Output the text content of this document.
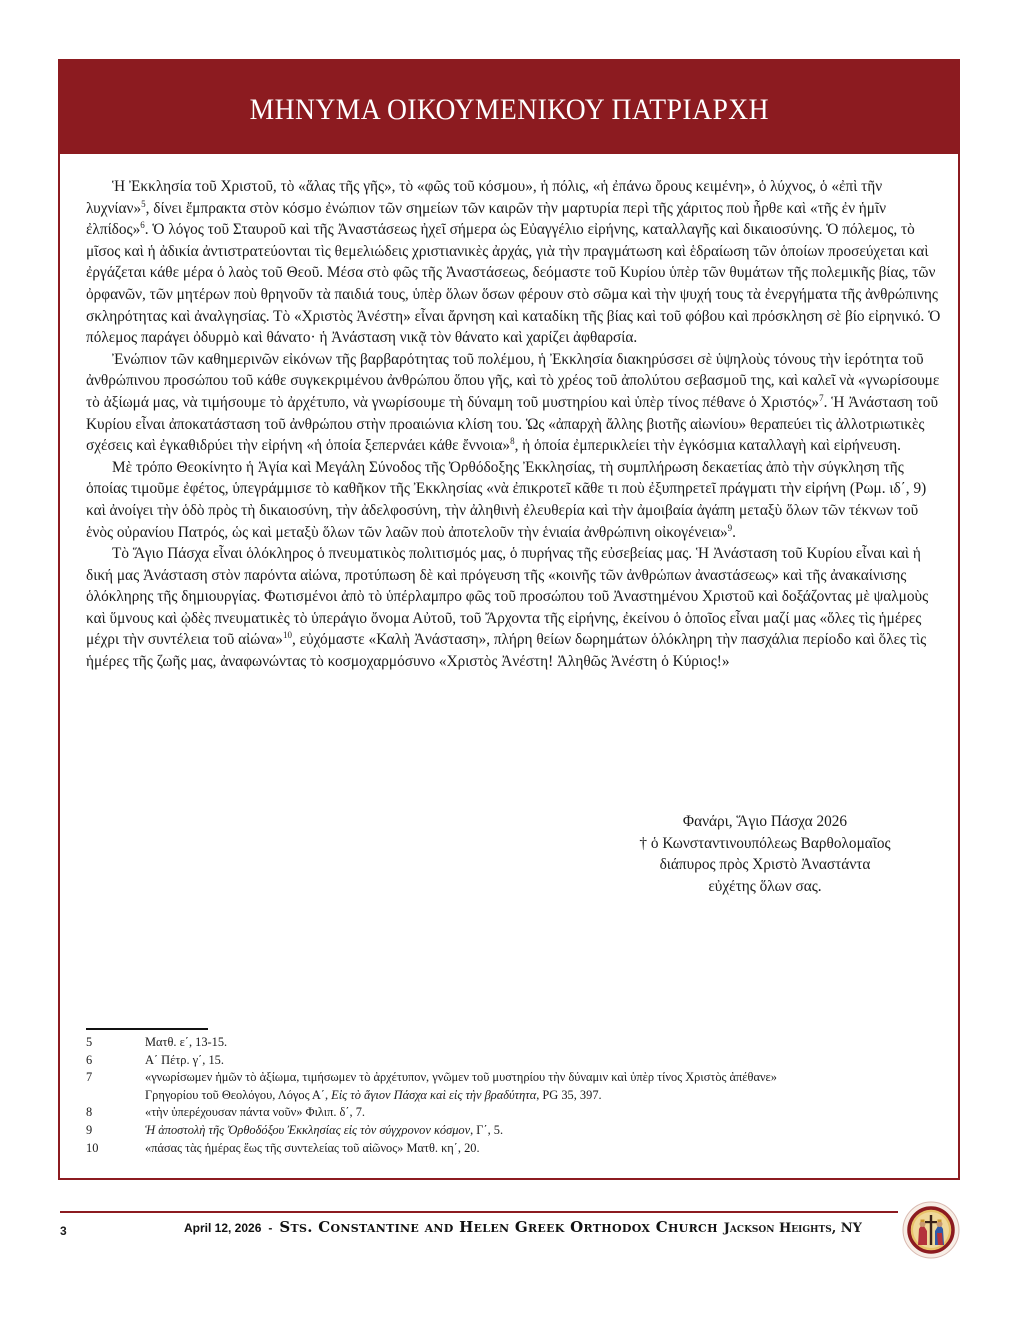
ΜΗΝΥΜΑ ΟΙΚΟΥΜΕΝΙΚΟΥ ΠΑΤΡΙΑΡΧΗ

Ἡ Ἐκκλησία τοῦ Χριστοῦ, τὸ «ἅλας τῆς γῆς», τὸ «φῶς τοῦ κόσμου», ἡ πόλις, «ἡ ἐπάνω ὄρους κειμένη», ὁ λύχνος, ὁ «ἐπὶ τῆν λυχνίαν»$^5$, δίνει ἔμπρακτα στὸν κόσμο ἐνώπιον τῶν σημείων τῶν καιρῶν τὴν μαρτυρία περὶ τῆς χάριτος ποὺ ἦρθε καὶ «τῆς ἐν ἡμῖν ἐλπίδος»$^6$. Ὁ λόγος τοῦ Σταυροῦ καὶ τῆς Ἀναστάσεως ἠχεῖ σήμερα ὡς Εὐαγγέλιο εἰρήνης, καταλλαγῆς καὶ δικαιοσύνης. Ὁ πόλεμος, τὸ μῖσος καὶ ἡ ἀδικία ἀντιστρατεύονται τὶς θεμελιώδεις χριστιανικὲς ἀρχάς, γιὰ τὴν πραγμάτωση καὶ ἑδραίωση τῶν ὁποίων προσεύχεται καὶ ἐργάζεται κάθε μέρα ὁ λαὸς τοῦ Θεοῦ. Μέσα στὸ φῶς τῆς Ἀναστάσεως, δεόμαστε τοῦ Κυρίου ὑπὲρ τῶν θυμάτων τῆς πολεμικῆς βίας, τῶν ὀρφανῶν, τῶν μητέρων ποὺ θρηνοῦν τὰ παιδιά τους, ὑπὲρ ὅλων ὅσων φέρουν στὸ σῶμα καὶ τὴν ψυχή τους τὰ ἐνεργήματα τῆς ἀνθρώπινης σκληρότητας καὶ ἀναλγησίας. Τὸ «Χριστὸς Ἀνέστη» εἶναι ἄρνηση καὶ καταδίκη τῆς βίας καὶ τοῦ φόβου καὶ πρόσκληση σὲ βίο εἰρηνικό. Ὁ πόλεμος παράγει ὀδυρμὸ καὶ θάνατο· ἡ Ἀνάσταση νικᾷ τὸν θάνατο καὶ χαρίζει ἀφθαρσία.

Ἐνώπιον τῶν καθημερινῶν εἰκόνων τῆς βαρβαρότητας τοῦ πολέμου, ἡ Ἐκκλησία διακηρύσσει σὲ ὑψηλοὺς τόνους τὴν ἱερότητα τοῦ ἀνθρώπινου προσώπου τοῦ κάθε συγκεκριμένου ἀνθρώπου ὅπου γῆς, καὶ τὸ χρέος τοῦ ἀπολύτου σεβασμοῦ της, καὶ καλεῖ νὰ «γνωρίσουμε τὸ ἀξίωμά μας, νὰ τιμήσουμε τὸ ἀρχέτυπο, νὰ γνωρίσουμε τὴ δύναμη τοῦ μυστηρίου καὶ ὑπὲρ τίνος πέθανε ὁ Χριστός»$^7$. Ἡ Ἀνάσταση τοῦ Κυρίου εἶναι ἀποκατάσταση τοῦ ἀνθρώπου στὴν προαιώνια κλίση του. Ὡς «ἀπαρχὴ ἄλλης βιοτῆς αἰωνίου» θεραπεύει τὶς ἀλλοτριωτικὲς σχέσεις καὶ ἐγκαθιδρύει τὴν εἰρήνη «ἡ ὁποία ξεπερνάει κάθε ἔννοια»$^8$, ἡ ὁποία ἐμπερικλείει τὴν ἐγκόσμια καταλλαγὴ καὶ εἰρήνευση.

Μὲ τρόπο Θεοκίνητο ἡ Ἁγία καὶ Μεγάλη Σύνοδος τῆς Ὀρθόδοξης Ἐκκλησίας, τὴ συμπλήρωση δεκαετίας ἀπὸ τὴν σύγκληση τῆς ὁποίας τιμοῦμε ἐφέτος, ὑπεγράμμισε τὸ καθῆκον τῆς Ἐκκλησίας «νὰ ἐπικροτεῖ κᾶθε τι ποὺ ἐξυπηρετεῖ πράγματι τὴν εἰρήνη (Ρωμ. ιδ΄, 9) καὶ ἀνοίγει τὴν ὁδὸ πρὸς τὴ δικαιοσύνη, τὴν ἀδελφοσύνη, τὴν ἀληθινὴ ἐλευθερία καὶ τὴν ἀμοιβαία ἀγάπη μεταξὺ ὅλων τῶν τέκνων τοῦ ἑνὸς οὐρανίου Πατρός, ὡς καὶ μεταξὺ ὅλων τῶν λαῶν ποὺ ἀποτελοῦν τὴν ἑνιαία ἀνθρώπινη οἰκογένεια»$^9$.

Τὸ Ἅγιο Πάσχα εἶναι ὁλόκληρος ὁ πνευματικὸς πολιτισμός μας, ὁ πυρήνας τῆς εὐσεβείας μας. Ἡ Ἀνάσταση τοῦ Κυρίου εἶναι καὶ ἡ δική μας Ἀνάσταση στὸν παρόντα αἰώνα, προτύπωση δὲ καὶ πρόγευση τῆς «κοινῆς τῶν ἀνθρώπων ἀναστάσεως» καὶ τῆς ἀνακαίνισης ὁλόκληρης τῆς δημιουργίας. Φωτισμένοι ἀπὸ τὸ ὑπέρλαμπρο φῶς τοῦ προσώπου τοῦ Ἀναστημένου Χριστοῦ καὶ δοξάζοντας μὲ ψαλμοὺς καὶ ὕμνους καὶ ᾠδὲς πνευματικὲς τὸ ὑπεράγιο ὄνομα Αὐτοῦ, τοῦ Ἄρχοντα τῆς εἰρήνης, ἐκείνου ὁ ὁποῖος εἶναι μαζί μας «ὅλες τὶς ἡμέρες μέχρι τὴν συντέλεια τοῦ αἰώνα»$^{10}$, εὐχόμαστε «Καλὴ Ἀνάσταση», πλήρη θείων δωρημάτων ὁλόκληρη τὴν πασχάλια περίοδο καὶ ὅλες τὶς ἡμέρες τῆς ζωῆς μας, ἀναφωνώντας τὸ κοσμοχαρμόσυνο «Χριστὸς Ἀνέστη! Ἀληθῶς Ἀνέστη ὁ Κύριος!»

Φανάρι, Ἅγιο Πάσχα 2026
† ὁ Κωνσταντινουπόλεως Βαρθολομαῖος
διάπυρος πρὸς Χριστὸ Ἀναστάντα
εὐχέτης ὅλων σας.
5	Ματθ. ε΄, 13-15.
6	Α΄ Πέτρ. γ΄, 15.
7	«γνωρίσωμεν ἡμῶν τὸ ἀξίωμα, τιμήσωμεν τὸ ἀρχέτυπον, γνῶμεν τοῦ μυστηρίου τὴν δύναμιν καὶ ὑπὲρ τίνος Χριστὸς ἀπέθανε»
Γρηγορίου τοῦ Θεολόγου, Λόγος Α΄, Εἰς τὸ ἅγιον Πάσχα καὶ εἰς τὴν βραδύτητα, PG 35, 397.
8	«τὴν ὑπερέχουσαν πάντα νοῦν» Φιλιπ. δ΄, 7.
9	Ἡ ἀποστολὴ τῆς Ὀρθοδόξου Ἐκκλησίας εἰς τὸν σύγχρονον κόσμον, Γ΄, 5.
10	«πάσας τὰς ἡμέρας ἕως τῆς συντελείας τοῦ αἰῶνος» Ματθ. κη΄, 20.
3	April 12, 2026 - Sts. Constantine and Helen Greek Orthodox Church Jackson Heights, NY
